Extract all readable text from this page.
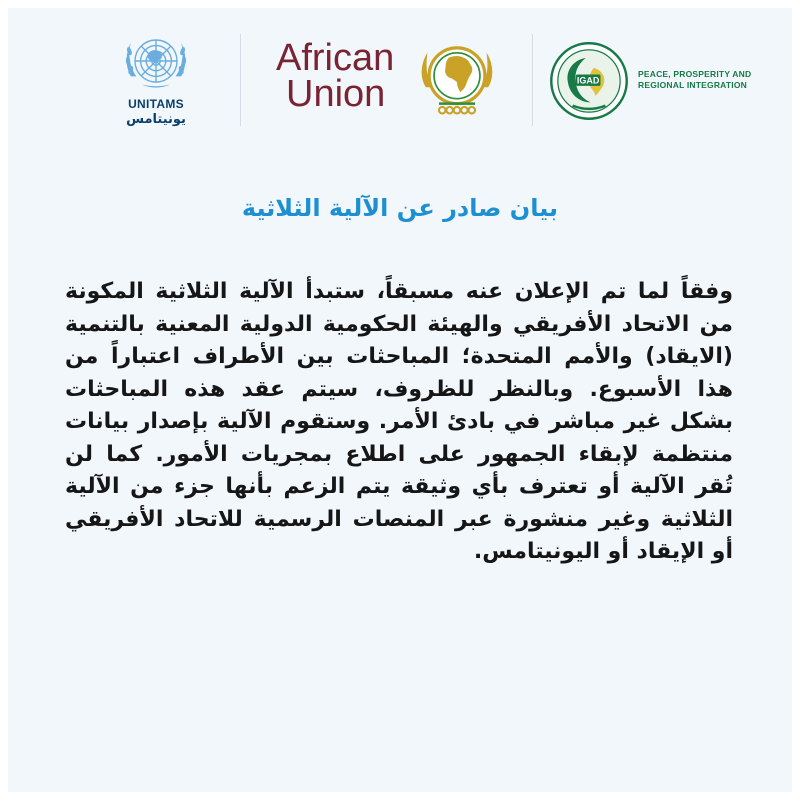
UNITAMS
يونيتامس
African
Union	IGAD
PEACE, PROSPERITY AND
REGIONAL INTEGRATION
بيان صادر عن الآلية الثلاثية

وفقاً لما تم الإعلان عنه مسبقاً، ستبدأ الآلية الثلاثية المكونة من الاتحاد الأفريقي والهيئة الحكومية الدولية المعنية بالتنمية (الايقاد) والأمم المتحدة؛ المباحثات بين الأطراف اعتباراً من هذا الأسبوع. وبالنظر للظروف، سيتم عقد هذه المباحثات بشكل غير مباشر في بادئ الأمر. وستقوم الآلية بإصدار بيانات منتظمة لإبقاء الجمهور على اطلاع بمجريات الأمور. كما لن تُقر الآلية أو تعترف بأي وثيقة يتم الزعم بأنها جزء من الآلية الثلاثية وغير منشورة عبر المنصات الرسمية للاتحاد الأفريقي أو الإيقاد أو اليونيتامس.
